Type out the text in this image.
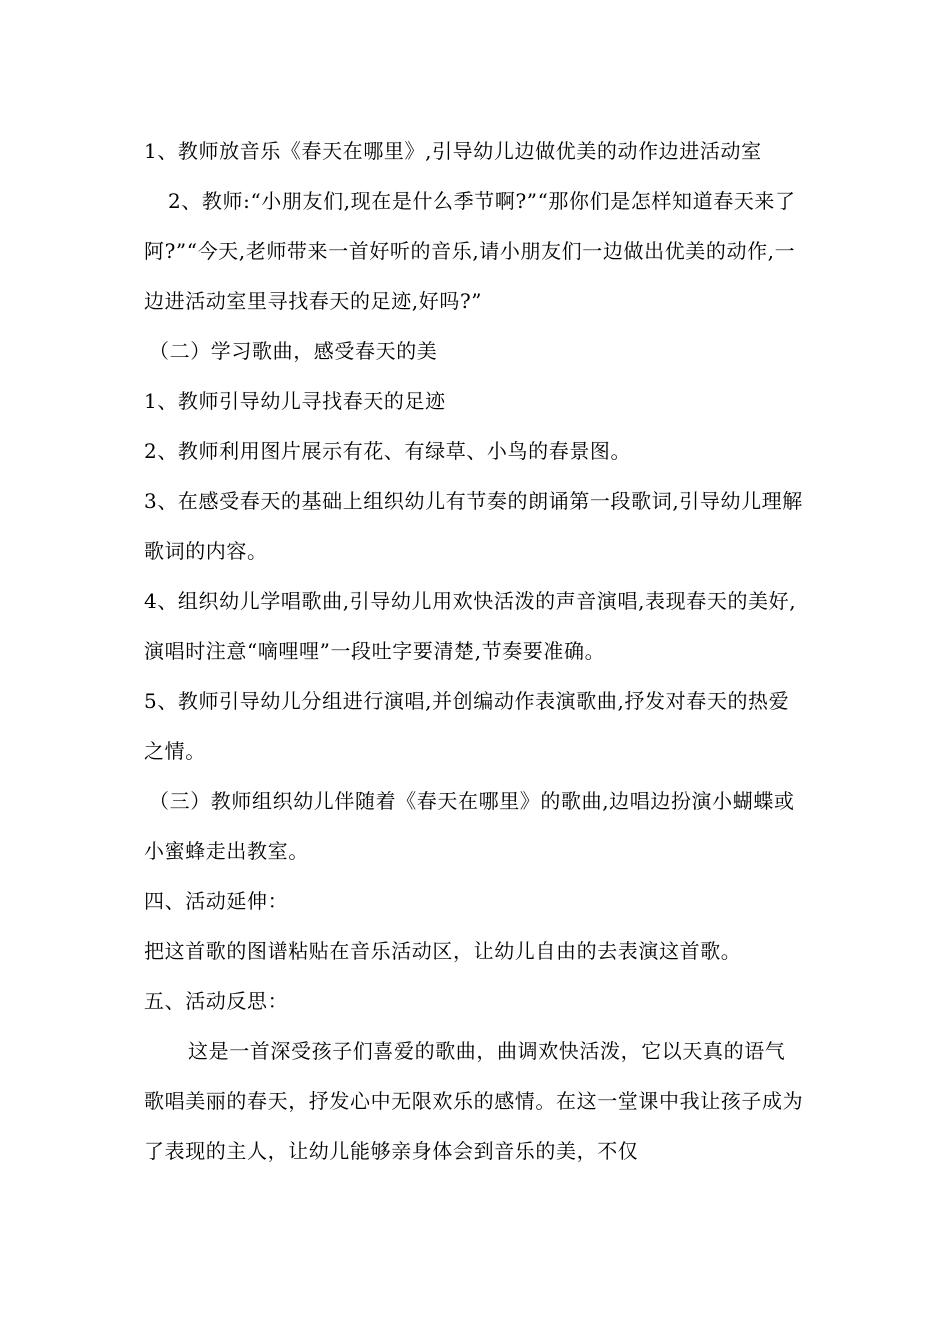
1、教师放音乐《春天在哪里》,引导幼儿边做优美的动作边进活动室

2、教师:“小朋友们,现在是什么季节啊?”“那你们是怎样知道春天来了阿?”“今天,老师带来一首好听的音乐,请小朋友们一边做出优美的动作,一边进活动室里寻找春天的足迹,好吗?”

（二）学习歌曲，感受春天的美

1、教师引导幼儿寻找春天的足迹

2、教师利用图片展示有花、有绿草、小鸟的春景图。

3、在感受春天的基础上组织幼儿有节奏的朗诵第一段歌词,引导幼儿理解歌词的内容。

4、组织幼儿学唱歌曲,引导幼儿用欢快活泼的声音演唱,表现春天的美好,演唱时注意“嘀哩哩”一段吐字要清楚,节奏要准确。

5、教师引导幼儿分组进行演唱,并创编动作表演歌曲,抒发对春天的热爱之情。

（三）教师组织幼儿伴随着《春天在哪里》的歌曲,边唱边扮演小蝴蝶或小蜜蜂走出教室。

四、活动延伸：

把这首歌的图谱粘贴在音乐活动区，让幼儿自由的去表演这首歌。

五、活动反思：

这是一首深受孩子们喜爱的歌曲，曲调欢快活泼，它以天真的语气歌唱美丽的春天，抒发心中无限欢乐的感情。在这一堂课中我让孩子成为了表现的主人，让幼儿能够亲身体会到音乐的美，不仅
